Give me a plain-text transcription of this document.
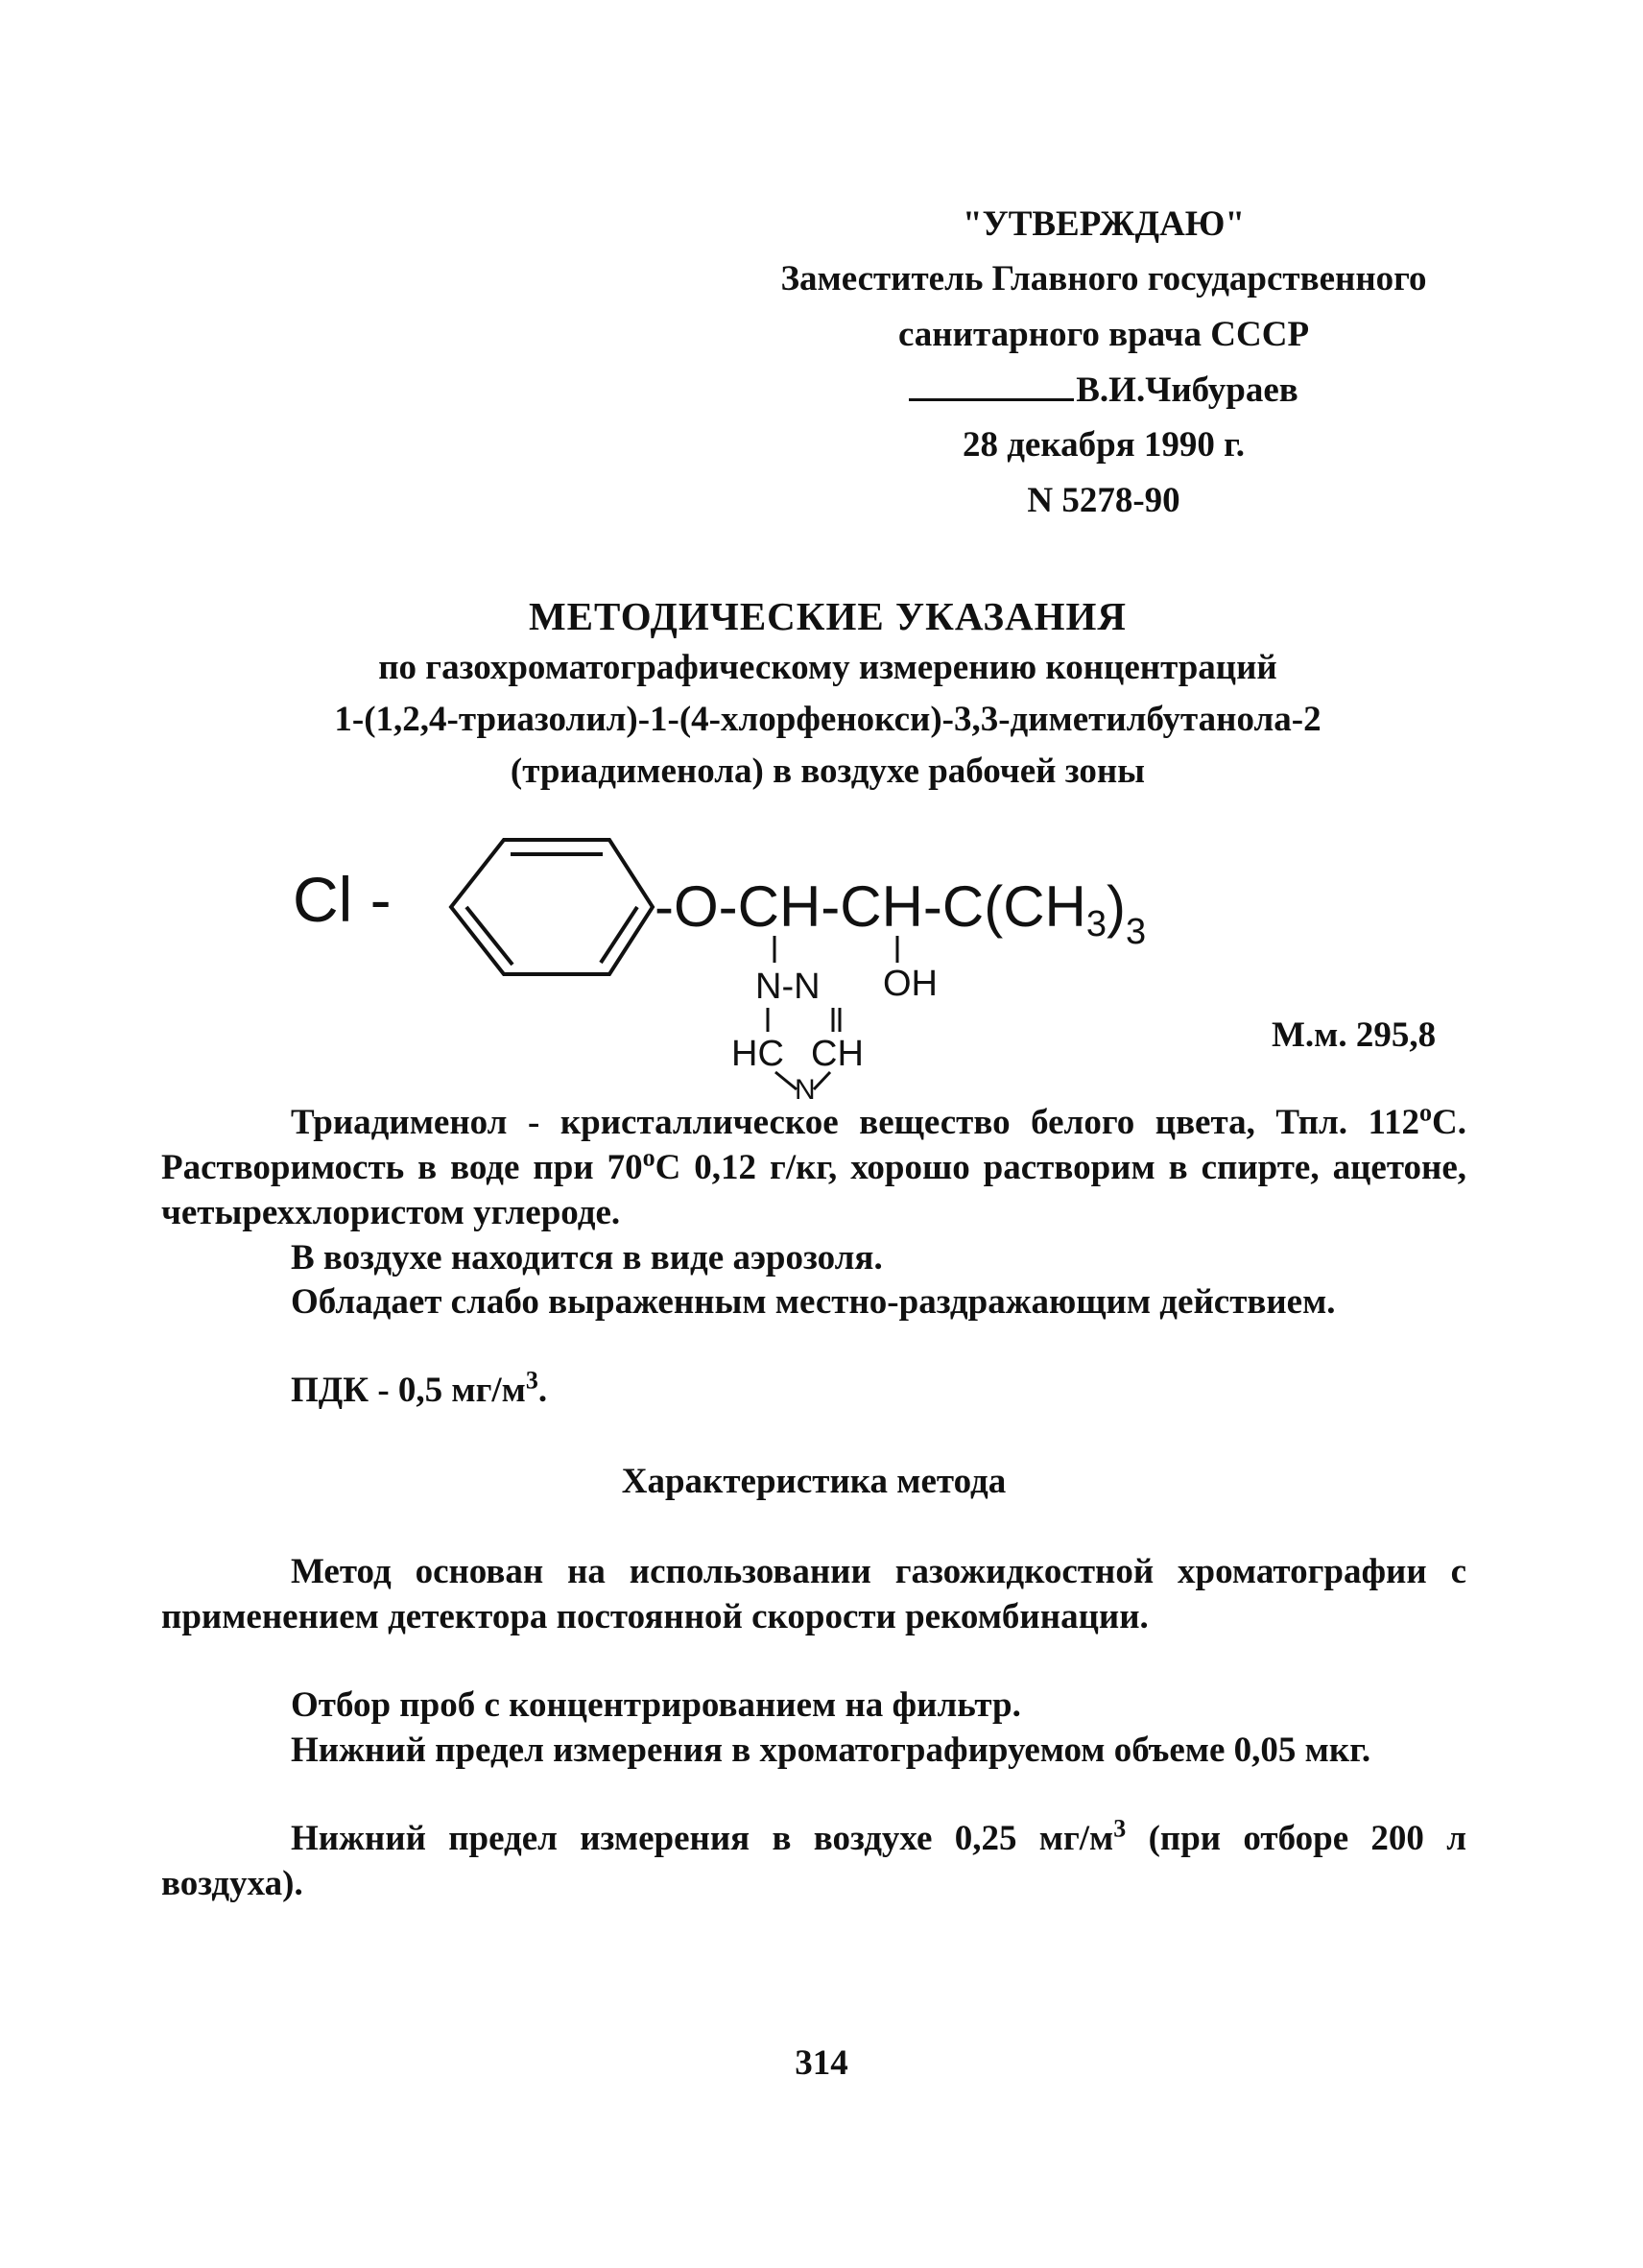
"УТВЕРЖДАЮ"
Заместитель Главного государственного
санитарного врача СССР
В.И.Чибураев
28 декабря 1990 г.
N 5278-90
МЕТОДИЧЕСКИЕ УКАЗАНИЯ
по газохроматографическому измерению концентраций
1-(1,2,4-триазолил)-1-(4-хлорфенокси)-3,3-диметилбутанола-2
(триадименола) в воздухе рабочей зоны
Cl -	$-O-CH-CH-C(CH3)_3$
OH
N-N
HC CH
N
М.м. 295,8
Триадименол - кристаллическое вещество белого цвета, Тпл. 112$^o$С. Растворимость в воде при 70$^o$С 0,12 г/кг, хорошо растворим в спирте, ацетоне, четыреххлористом углероде.
В воздухе находится в виде аэрозоля.
Обладает слабо выраженным местно-раздражающим действием.
ПДК - 0,5 $мг/м^3$.
Характеристика метода
Метод основан на использовании газожидкостной хроматографии с применением детектора постоянной скорости рекомбинации.
Отбор проб с концентрированием на фильтр.
Нижний предел измерения в хроматографируемом объеме 0,05 мкг.
Нижний предел измерения в воздухе 0,25 $мг/м^3$ (при отборе 200 л воздуха).
314
